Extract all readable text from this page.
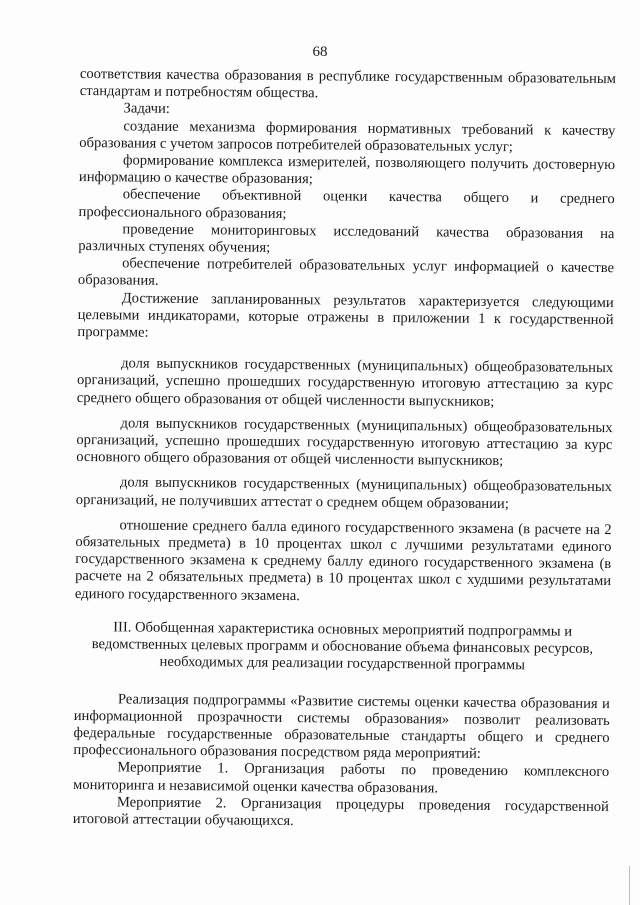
68

соответствия качества образования в республике государственным образовательным стандартам и потребностям общества.

Задачи:

создание механизма формирования нормативных требований к качеству образования с учетом запросов потребителей образовательных услуг;

формирование комплекса измерителей, позволяющего получить достоверную информацию о качестве образования;

обеспечение объективной оценки качества общего и среднего профессионального образования;

проведение мониторинговых исследований качества образования на различных ступенях обучения;

обеспечение потребителей образовательных услуг информацией о качестве образования.

Достижение запланированных результатов характеризуется следующими целевыми индикаторами, которые отражены в приложении 1 к государственной программе:

доля выпускников государственных (муниципальных) общеобразовательных организаций, успешно прошедших государственную итоговую аттестацию за курс среднего общего образования от общей численности выпускников;

доля выпускников государственных (муниципальных) общеобразовательных организаций, успешно прошедших государственную итоговую аттестацию за курс основного общего образования от общей численности выпускников;

доля выпускников государственных (муниципальных) общеобразовательных организаций, не получивших аттестат о среднем общем образовании;

отношение среднего балла единого государственного экзамена (в расчете на 2 обязательных предмета) в 10 процентах школ с лучшими результатами единого государственного экзамена к среднему баллу единого государственного экзамена (в расчете на 2 обязательных предмета) в 10 процентах школ с худшими результатами единого государственного экзамена.

III. Обобщенная характеристика основных мероприятий подпрограммы и ведомственных целевых программ и обоснование объема финансовых ресурсов, необходимых для реализации государственной программы

Реализация подпрограммы «Развитие системы оценки качества образования и информационной прозрачности системы образования» позволит реализовать федеральные государственные образовательные стандарты общего и среднего профессионального образования посредством ряда мероприятий:

Мероприятие 1. Организация работы по проведению комплексного мониторинга и независимой оценки качества образования.

Мероприятие 2. Организация процедуры проведения государственной итоговой аттестации обучающихся.
